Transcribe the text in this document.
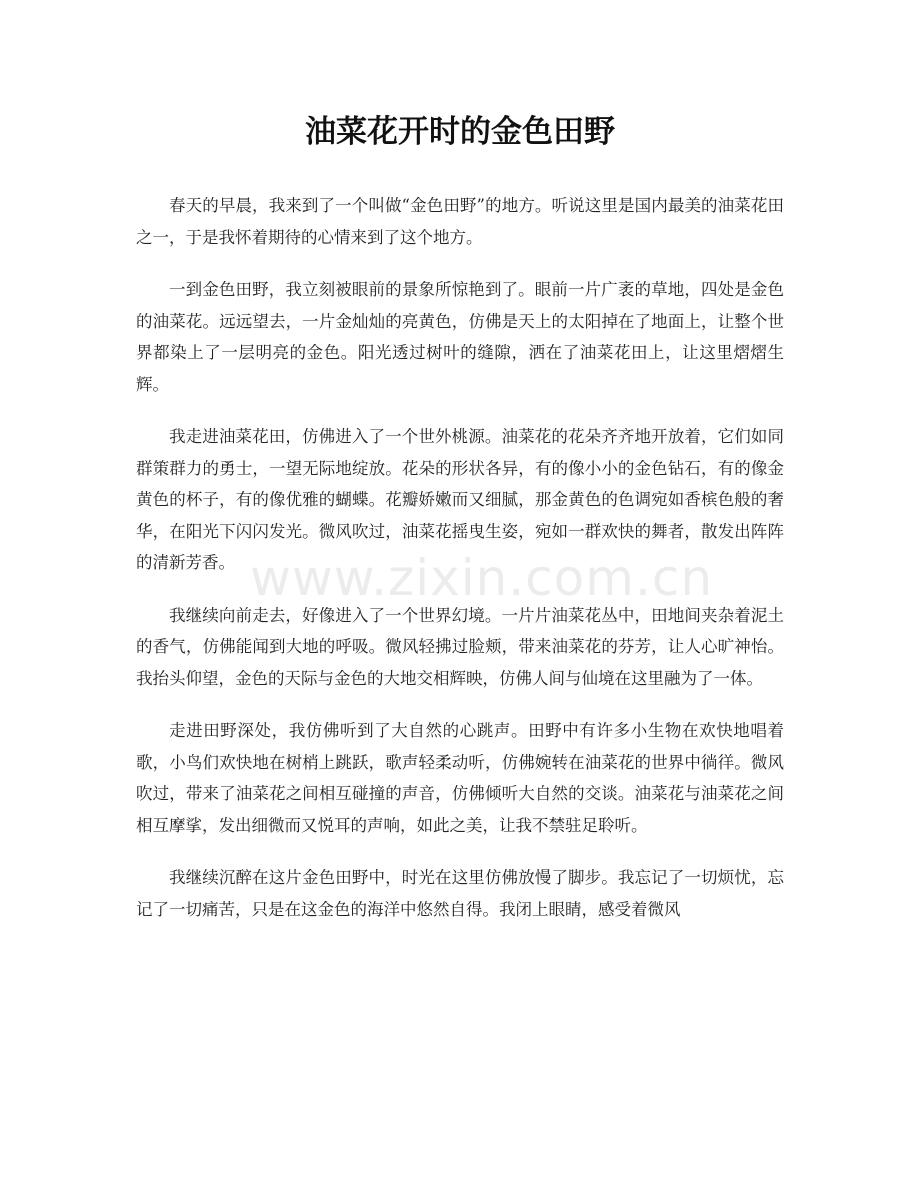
油菜花开时的金色田野

春天的早晨，我来到了一个叫做“金色田野”的地方。听说这里是国内最美的油菜花田之一，于是我怀着期待的心情来到了这个地方。

一到金色田野，我立刻被眼前的景象所惊艳到了。眼前一片广袤的草地，四处是金色的油菜花。远远望去，一片金灿灿的亮黄色，仿佛是天上的太阳掉在了地面上，让整个世界都染上了一层明亮的金色。阳光透过树叶的缝隙，洒在了油菜花田上，让这里熠熠生辉。

我走进油菜花田，仿佛进入了一个世外桃源。油菜花的花朵齐齐地开放着，它们如同群策群力的勇士，一望无际地绽放。花朵的形状各异，有的像小小的金色钻石，有的像金黄色的杯子，有的像优雅的蝴蝶。花瓣娇嫩而又细腻，那金黄色的色调宛如香槟色般的奢华，在阳光下闪闪发光。微风吹过，油菜花摇曳生姿，宛如一群欢快的舞者，散发出阵阵的清新芳香。

我继续向前走去，好像进入了一个世界幻境。一片片油菜花丛中，田地间夹杂着泥土的香气，仿佛能闻到大地的呼吸。微风轻拂过脸颊，带来油菜花的芬芳，让人心旷神怡。我抬头仰望，金色的天际与金色的大地交相辉映，仿佛人间与仙境在这里融为了一体。

走进田野深处，我仿佛听到了大自然的心跳声。田野中有许多小生物在欢快地唱着歌，小鸟们欢快地在树梢上跳跃，歌声轻柔动听，仿佛婉转在油菜花的世界中徜徉。微风吹过，带来了油菜花之间相互碰撞的声音，仿佛倾听大自然的交谈。油菜花与油菜花之间相互摩挲，发出细微而又悦耳的声响，如此之美，让我不禁驻足聆听。

我继续沉醉在这片金色田野中，时光在这里仿佛放慢了脚步。我忘记了一切烦忧，忘记了一切痛苦，只是在这金色的海洋中悠然自得。我闭上眼睛，感受着微风

www.zixin.com.cn
